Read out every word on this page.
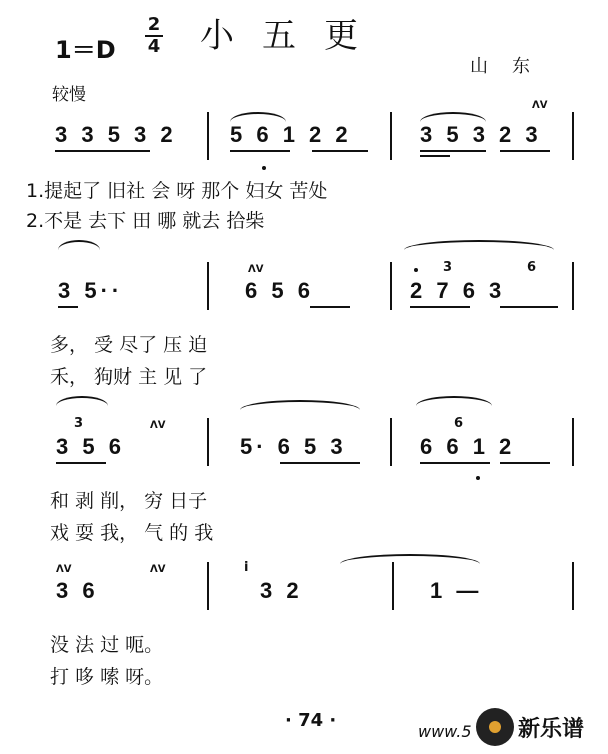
1＝D
2
4 小五更
山东
较慢
3 3 5 3 2 5 6 1 2 2	3 5 3 2 3
ᐱᐯ
1.提起了 旧社 会 呀 那个 妇女 苦处
2.不是 去下 田 哪 就去 拾柴
3 5··	6 5 6	2 7 6 3
ᐱᐯ	3	6
多， 受 尽了 压 迫
禾， 狗财 主 见 了
3 5 6	5· 6 5 3	6 6 1 2
3	6
ᐱᐯ
和 剥 削， 穷 日子
戏 耍 我， 气 的 我
3 6	3 2	1 —
ᐱᐯ	ᐱᐯ	i
没 法 过 呃。
打 哆 嗦 呀。
· 74 ·
www.5 新乐谱
